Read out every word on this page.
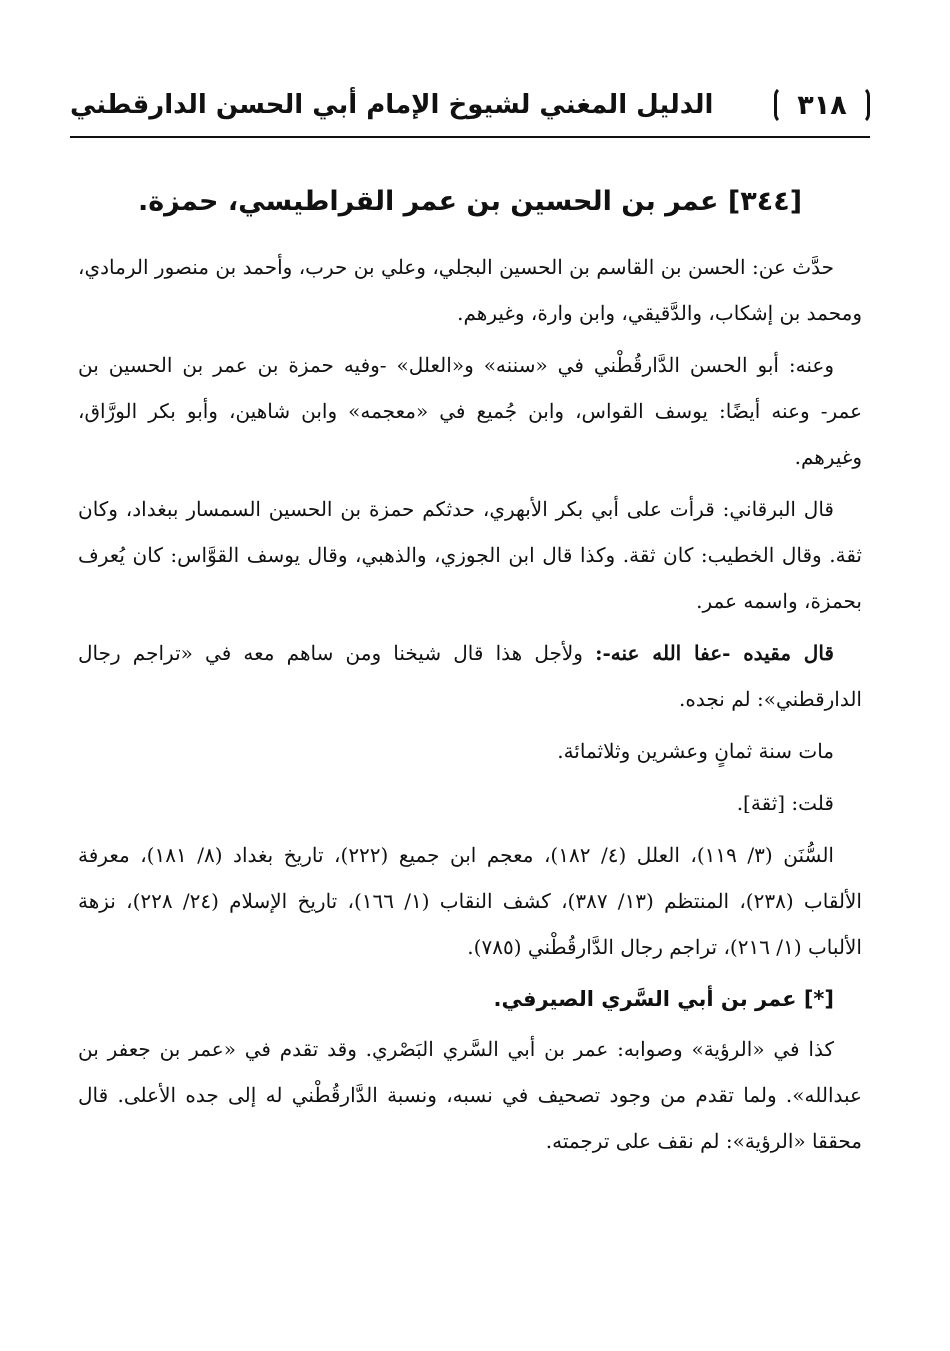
٣١٨
الدليل المغني لشيوخ الإمام أبي الحسن الدارقطني
[٣٤٤] عمر بن الحسين بن عمر القراطيسي، حمزة.

حدَّث عن: الحسن بن القاسم بن الحسين البجلي، وعلي بن حرب، وأحمد بن منصور الرمادي، ومحمد بن إشكاب، والدَّقيقي، وابن وارة، وغيرهم.

وعنه: أبو الحسن الدَّارقُطْني في «سننه» و«العلل» -وفيه حمزة بن عمر بن الحسين بن عمر- وعنه أيضًا: يوسف القواس، وابن جُميع في «معجمه» وابن شاهين، وأبو بكر الورَّاق، وغيرهم.

قال البرقاني: قرأت على أبي بكر الأبهري، حدثكم حمزة بن الحسين السمسار ببغداد، وكان ثقة. وقال الخطيب: كان ثقة. وكذا قال ابن الجوزي، والذهبي، وقال يوسف القوَّاس: كان يُعرف بحمزة، واسمه عمر.

قال مقيده -عفا الله عنه-: ولأجل هذا قال شيخنا ومن ساهم معه في «تراجم رجال الدارقطني»: لم نجده.

مات سنة ثمانٍ وعشرين وثلاثمائة.

قلت: [ثقة].

السُّنَن (٣/ ١١٩)، العلل (٤/ ١٨٢)، معجم ابن جميع (٢٢٢)، تاريخ بغداد (٨/ ١٨١)، معرفة الألقاب (٢٣٨)، المنتظم (١٣/ ٣٨٧)، كشف النقاب (١/ ١٦٦)، تاريخ الإسلام (٢٤/ ٢٢٨)، نزهة الألباب (١/ ٢١٦)، تراجم رجال الدَّارقُطْني (٧٨٥).

[*] عمر بن أبي السَّري الصيرفي.

كذا في «الرؤية» وصوابه: عمر بن أبي السَّري البَصْري. وقد تقدم في «عمر بن جعفر بن عبدالله». ولما تقدم من وجود تصحيف في نسبه، ونسبة الدَّارقُطْني له إلى جده الأعلى. قال محققا «الرؤية»: لم نقف على ترجمته.
